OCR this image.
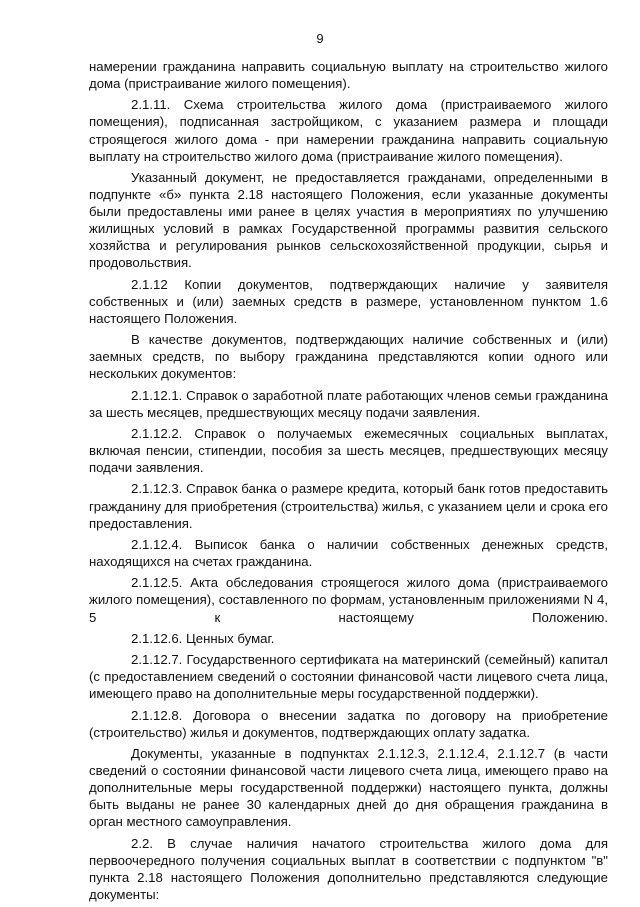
9

намерении гражданина направить социальную выплату на строительство жилого дома (пристраивание жилого помещения).

2.1.11. Схема строительства жилого дома (пристраиваемого жилого помещения), подписанная застройщиком, с указанием размера и площади строящегося жилого дома - при намерении гражданина направить социальную выплату на строительство жилого дома (пристраивание жилого помещения).

Указанный документ, не предоставляется гражданами, определенными в подпункте «б» пункта 2.18 настоящего Положения, если указанные документы были предоставлены ими ранее в целях участия в мероприятиях по улучшению жилищных условий в рамках Государственной программы развития сельского хозяйства и регулирования рынков сельскохозяйственной продукции, сырья и продовольствия.

2.1.12 Копии документов, подтверждающих наличие у заявителя собственных и (или) заемных средств в размере, установленном пунктом 1.6 настоящего Положения.

В качестве документов, подтверждающих наличие собственных и (или) заемных средств, по выбору гражданина представляются копии одного или нескольких документов:

2.1.12.1. Справок о заработной плате работающих членов семьи гражданина за шесть месяцев, предшествующих месяцу подачи заявления.

2.1.12.2. Справок о получаемых ежемесячных социальных выплатах, включая пенсии, стипендии, пособия за шесть месяцев, предшествующих месяцу подачи заявления.

2.1.12.3. Справок банка о размере кредита, который банк готов предоставить гражданину для приобретения (строительства) жилья, с указанием цели и срока его предоставления.

2.1.12.4. Выписок банка о наличии собственных денежных средств, находящихся на счетах гражданина.

2.1.12.5. Акта обследования строящегося жилого дома (пристраиваемого жилого помещения), составленного по формам, установленным приложениями N 4, 5 к настоящему Положению.

2.1.12.6. Ценных бумаг.

2.1.12.7. Государственного сертификата на материнский (семейный) капитал (с предоставлением сведений о состоянии финансовой части лицевого счета лица, имеющего право на дополнительные меры государственной поддержки).

2.1.12.8. Договора о внесении задатка по договору на приобретение (строительство) жилья и документов, подтверждающих оплату задатка.

Документы, указанные в подпунктах 2.1.12.3, 2.1.12.4, 2.1.12.7 (в части сведений о состоянии финансовой части лицевого счета лица, имеющего право на дополнительные меры государственной поддержки) настоящего пункта, должны быть выданы не ранее 30 календарных дней до дня обращения гражданина в орган местного самоуправления.

2.2. В случае наличия начатого строительства жилого дома для первоочередного получения социальных выплат в соответствии с подпунктом "в" пункта 2.18 настоящего Положения дополнительно представляются следующие документы:
